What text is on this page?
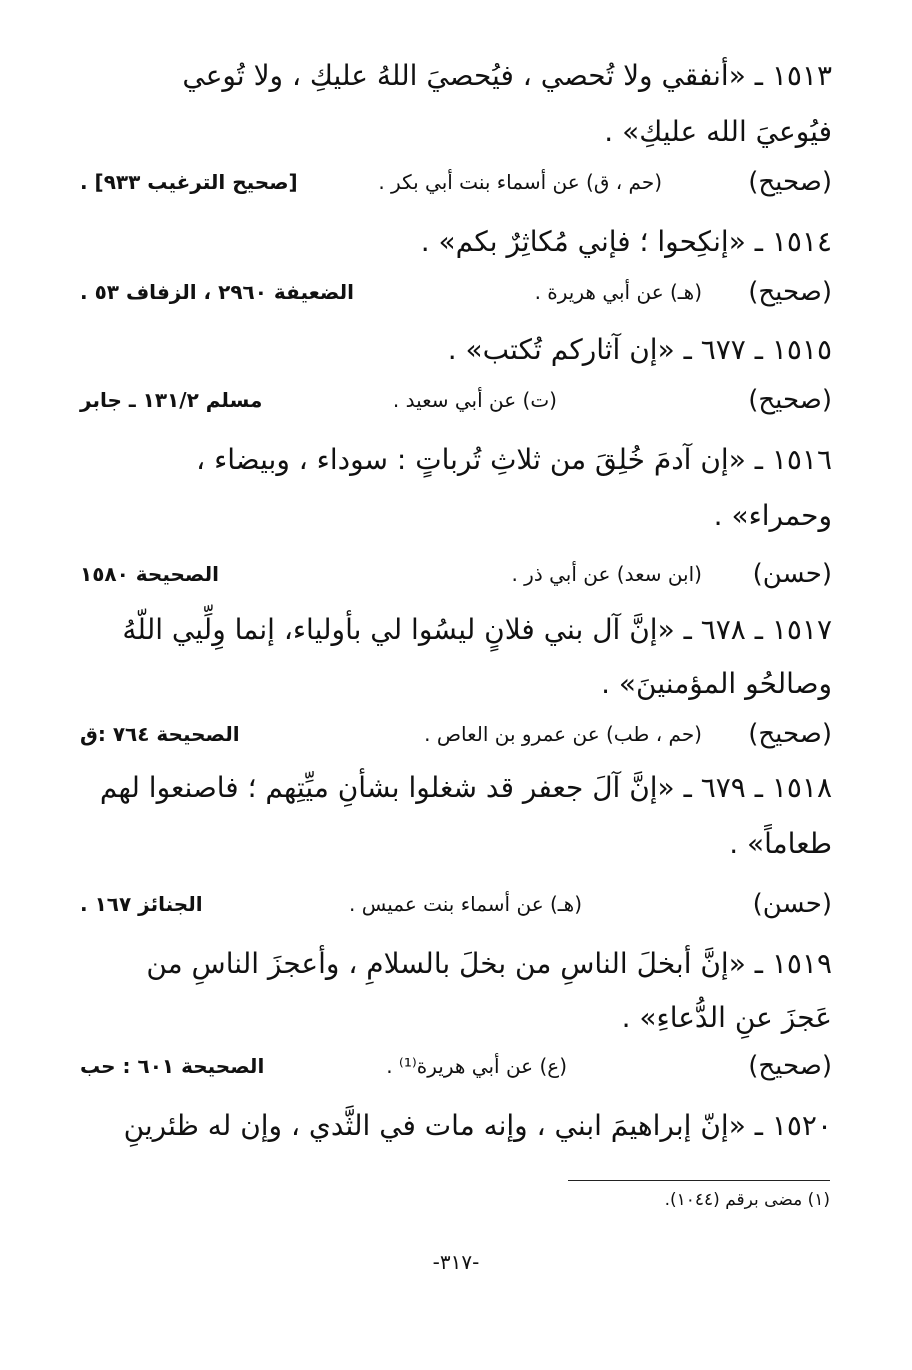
١٥١٣ ـ «أنفقي ولا تُحصي ، فيُحصيَ اللهُ عليكِ ، ولا تُوعي
فيُوعيَ الله عليكِ» .
(صحيح)
(حم ، ق) عن أسماء بنت أبي بكر .
[صحيح الترغيب ٩٣٣] .
١٥١٤ ـ «إنكِحوا ؛ فإني مُكاثِرٌ بكم» .
(صحيح)
(هـ) عن أبي هريرة .
الضعيفة ٢٩٦٠ ، الزفاف ٥٣ .
١٥١٥ ـ ٦٧٧ ـ «إن آثاركم تُكتب» .
(صحيح)
(ت) عن أبي سعيد .
مسلم ١٣١/٢ ـ جابر
١٥١٦ ـ «إن آدمَ خُلِقَ من ثلاثِ تُرباتٍ : سوداء ، وبيضاء ،
وحمراء» .
(حسن)
(ابن سعد) عن أبي ذر .
الصحيحة ١٥٨٠
١٥١٧ ـ ٦٧٨ ـ «إنَّ آل بني فلانٍ ليسُوا لي بأولياء، إنما وِلِّيي اللّهُ
وصالحُو المؤمنينَ» .
(صحيح)
(حم ، طب) عن عمرو بن العاص .
الصحيحة ٧٦٤ :ق
١٥١٨ ـ ٦٧٩ ـ «إنَّ آلَ جعفر قد شغلوا بشأنِ ميِّتِهم ؛ فاصنعوا لهم
طعاماً» .
(حسن)
(هـ) عن أسماء بنت عميس .
الجنائز ١٦٧ .
١٥١٩ ـ «إنَّ أبخلَ الناسِ من بخلَ بالسلامِ ، وأعجزَ الناسِ من
عَجزَ عنِ الدُّعاءِ» .
(صحيح)
(ع) عن أبي هريرة⁽¹⁾ .
الصحيحة ٦٠١ : حب
١٥٢٠ ـ «إنّ إبراهيمَ ابني ، وإنه مات في الثَّدي ، وإن له ظئرينِ
(١) مضى برقم (١٠٤٤).
-٣١٧-
